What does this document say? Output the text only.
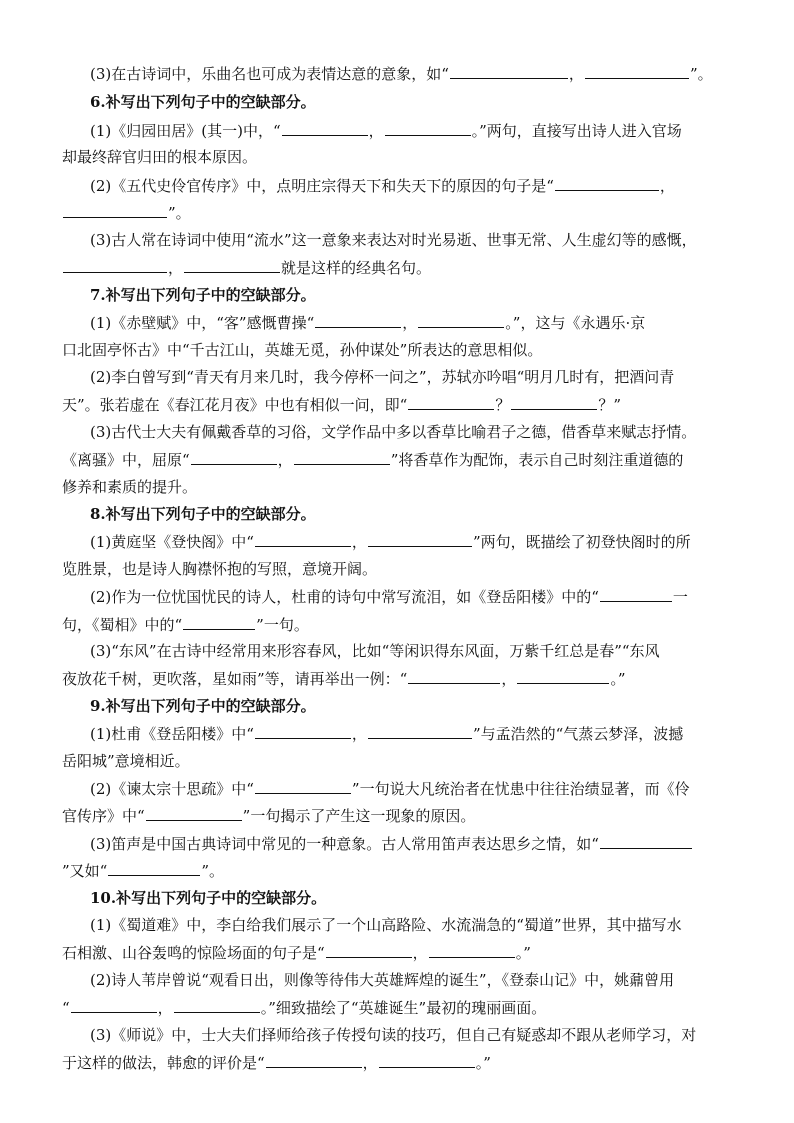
(3)在古诗词中，乐曲名也可成为表情达意的意象，如“	，	”。
6.补写出下列句子中的空缺部分。
(1)《归园田居》(其一)中，“	，	。”两句，直接写出诗人进入官场
却最终辞官归田的根本原因。
(2)《五代史伶官传序》中，点明庄宗得天下和失天下的原因的句子是“	，
”。
(3)古人常在诗词中使用“流水”这一意象来表达对时光易逝、世事无常、人生虚幻等的感慨，
，	就是这样的经典名句。
7.补写出下列句子中的空缺部分。
(1)《赤壁赋》中，“客”感慨曹操“	，	。”，这与《永遇乐·京
口北固亭怀古》中“千古江山，英雄无觅，孙仲谋处”所表达的意思相似。
(2)李白曾写到“青天有月来几时，我今停杯一问之”，苏轼亦吟唱“明月几时有，把酒问青
天”。张若虚在《春江花月夜》中也有相似一问，即“	？	？”
(3)古代士大夫有佩戴香草的习俗，文学作品中多以香草比喻君子之德，借香草来赋志抒情。
《离骚》中，屈原“	，	”将香草作为配饰，表示自己时刻注重道德的
修养和素质的提升。
8.补写出下列句子中的空缺部分。
(1)黄庭坚《登快阁》中“	，	”两句，既描绘了初登快阁时的所
览胜景，也是诗人胸襟怀抱的写照，意境开阔。
(2)作为一位忧国忧民的诗人，杜甫的诗句中常写流泪，如《登岳阳楼》中的“	一
句，《蜀相》中的“	”一句。
(3)“东风”在古诗中经常用来形容春风，比如“等闲识得东风面，万紫千红总是春”“东风
夜放花千树，更吹落，星如雨”等，请再举出一例：“	，	。”
9.补写出下列句子中的空缺部分。
(1)杜甫《登岳阳楼》中“	，	”与孟浩然的“气蒸云梦泽，波撼
岳阳城”意境相近。
(2)《谏太宗十思疏》中“	”一句说大凡统治者在忧患中往往治绩显著，而《伶
官传序》中“	”一句揭示了产生这一现象的原因。
(3)笛声是中国古典诗词中常见的一种意象。古人常用笛声表达思乡之情，如“
”又如“	”。
10.补写出下列句子中的空缺部分。
(1)《蜀道难》中，李白给我们展示了一个山高路险、水流湍急的“蜀道”世界，其中描写水
石相激、山谷轰鸣的惊险场面的句子是“	，	。”
(2)诗人苇岸曾说“观看日出，则像等待伟大英雄辉煌的诞生”，《登泰山记》中，姚鼐曾用
“	，	。”细致描绘了“英雄诞生”最初的瑰丽画面。
(3)《师说》中，士大夫们择师给孩子传授句读的技巧，但自己有疑惑却不跟从老师学习，对
于这样的做法，韩愈的评价是“	，	。”
